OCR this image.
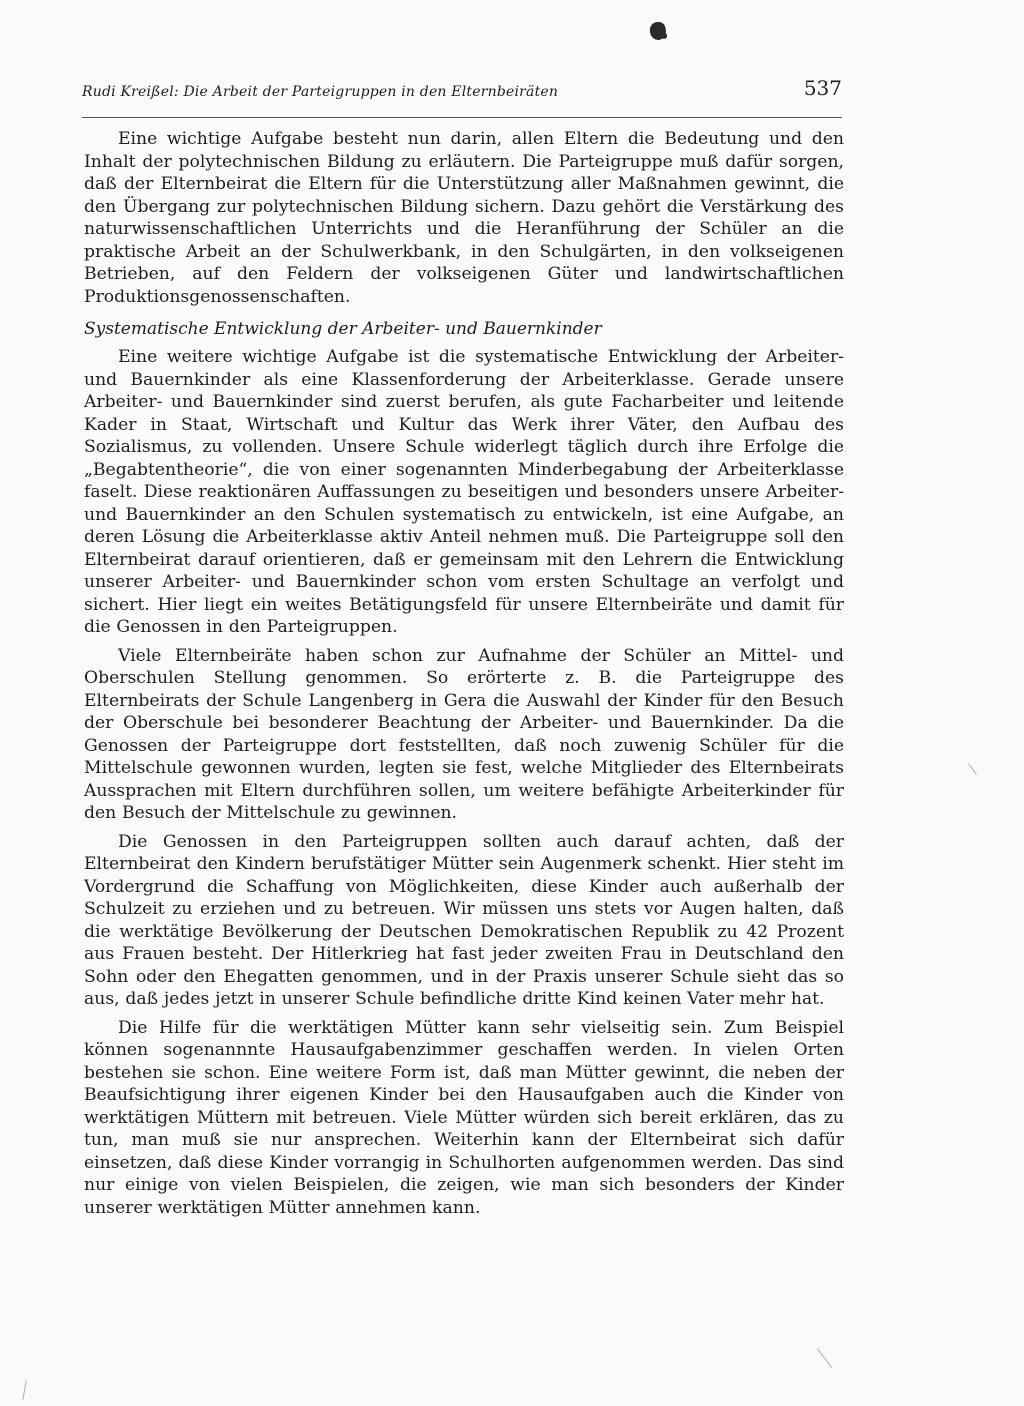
Rudi Kreißel: Die Arbeit der Parteigruppen in den Elternbeiräten	537

Eine wichtige Aufgabe besteht nun darin, allen Eltern die Bedeutung und den Inhalt der polytechnischen Bildung zu erläutern. Die Parteigruppe muß dafür sorgen, daß der Elternbeirat die Eltern für die Unterstützung aller Maßnahmen gewinnt, die den Übergang zur polytechnischen Bildung sichern. Dazu gehört die Verstärkung des naturwissenschaftlichen Unterrichts und die Heranführung der Schüler an die praktische Arbeit an der Schulwerkbank, in den Schulgärten, in den volkseigenen Betrieben, auf den Feldern der volkseigenen Güter und landwirtschaftlichen Produktionsgenossenschaften.

Systematische Entwicklung der Arbeiter- und Bauernkinder

Eine weitere wichtige Aufgabe ist die systematische Entwicklung der Arbeiter- und Bauernkinder als eine Klassenforderung der Arbeiterklasse. Gerade unsere Arbeiter- und Bauernkinder sind zuerst berufen, als gute Facharbeiter und leitende Kader in Staat, Wirtschaft und Kultur das Werk ihrer Väter, den Aufbau des Sozialismus, zu vollenden. Unsere Schule widerlegt täglich durch ihre Erfolge die „Begabtentheorie“, die von einer sogenannten Minderbegabung der Arbeiterklasse faselt. Diese reaktionären Auffassungen zu beseitigen und besonders unsere Arbeiter- und Bauernkinder an den Schulen systematisch zu entwickeln, ist eine Aufgabe, an deren Lösung die Arbeiterklasse aktiv Anteil nehmen muß. Die Parteigruppe soll den Elternbeirat darauf orientieren, daß er gemeinsam mit den Lehrern die Entwicklung unserer Arbeiter- und Bauernkinder schon vom ersten Schultage an verfolgt und sichert. Hier liegt ein weites Betätigungsfeld für unsere Elternbeiräte und damit für die Genossen in den Parteigruppen.

Viele Elternbeiräte haben schon zur Aufnahme der Schüler an Mittel- und Oberschulen Stellung genommen. So erörterte z. B. die Parteigruppe des Elternbeirats der Schule Langenberg in Gera die Auswahl der Kinder für den Besuch der Oberschule bei besonderer Beachtung der Arbeiter- und Bauernkinder. Da die Genossen der Parteigruppe dort feststellten, daß noch zuwenig Schüler für die Mittelschule gewonnen wurden, legten sie fest, welche Mitglieder des Elternbeirats Aussprachen mit Eltern durchführen sollen, um weitere befähigte Arbeiterkinder für den Besuch der Mittelschule zu gewinnen.

Die Genossen in den Parteigruppen sollten auch darauf achten, daß der Elternbeirat den Kindern berufstätiger Mütter sein Augenmerk schenkt. Hier steht im Vordergrund die Schaffung von Möglichkeiten, diese Kinder auch außerhalb der Schulzeit zu erziehen und zu betreuen. Wir müssen uns stets vor Augen halten, daß die werktätige Bevölkerung der Deutschen Demokratischen Republik zu 42 Prozent aus Frauen besteht. Der Hitlerkrieg hat fast jeder zweiten Frau in Deutschland den Sohn oder den Ehegatten genommen, und in der Praxis unserer Schule sieht das so aus, daß jedes jetzt in unserer Schule befindliche dritte Kind keinen Vater mehr hat.

Die Hilfe für die werktätigen Mütter kann sehr vielseitig sein. Zum Beispiel können sogenannnte Hausaufgabenzimmer geschaffen werden. In vielen Orten bestehen sie schon. Eine weitere Form ist, daß man Mütter gewinnt, die neben der Beaufsichtigung ihrer eigenen Kinder bei den Hausaufgaben auch die Kinder von werktätigen Müttern mit betreuen. Viele Mütter würden sich bereit erklären, das zu tun, man muß sie nur ansprechen. Weiterhin kann der Elternbeirat sich dafür einsetzen, daß diese Kinder vorrangig in Schulhorten aufgenommen werden. Das sind nur einige von vielen Beispielen, die zeigen, wie man sich besonders der Kinder unserer werktätigen Mütter annehmen kann.
